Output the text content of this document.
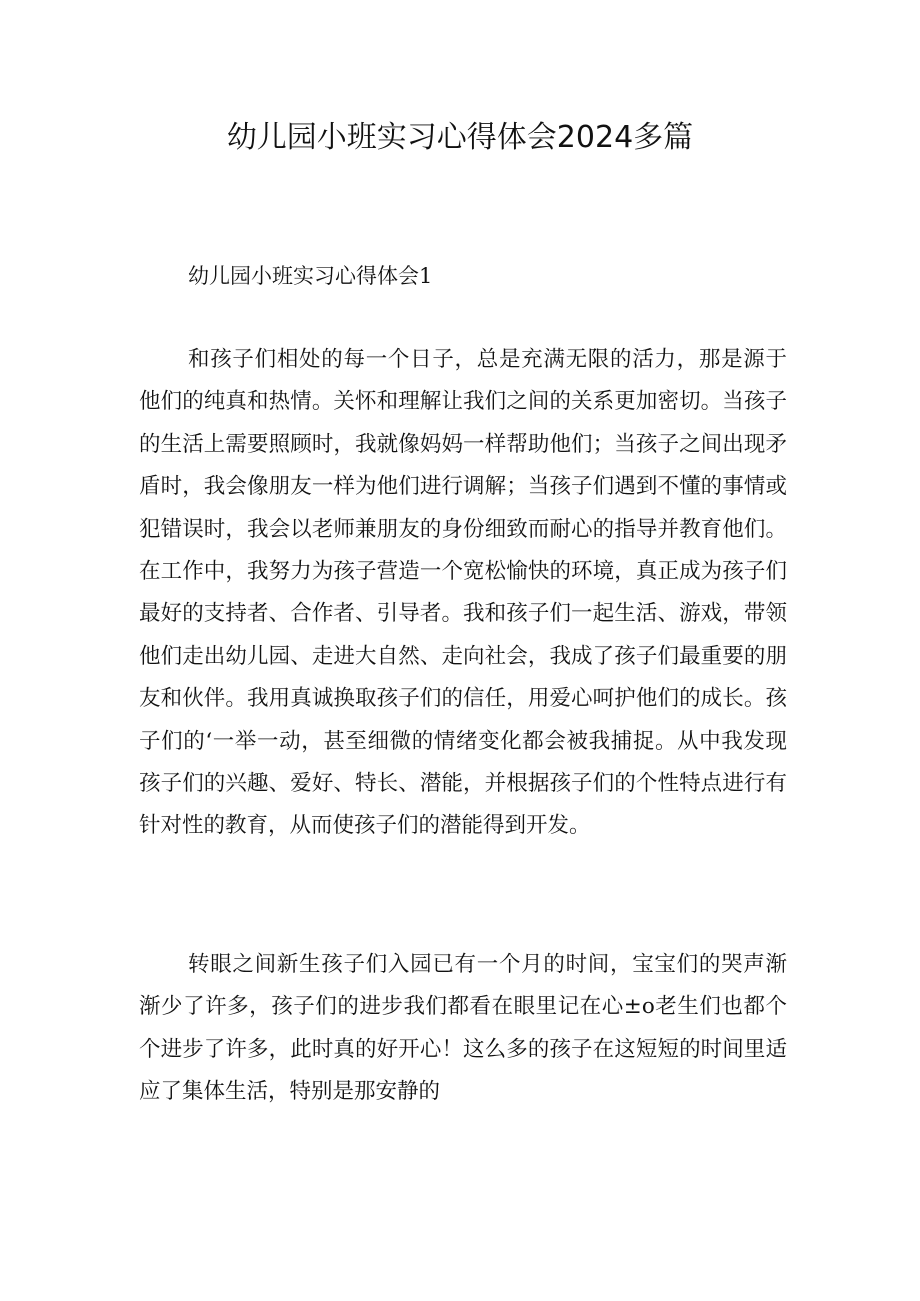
幼儿园小班实习心得体会2024多篇

幼儿园小班实习心得体会1

和孩子们相处的每一个日子，总是充满无限的活力，那是源于他们的纯真和热情。关怀和理解让我们之间的关系更加密切。当孩子的生活上需要照顾时，我就像妈妈一样帮助他们；当孩子之间出现矛盾时，我会像朋友一样为他们进行调解；当孩子们遇到不懂的事情或犯错误时，我会以老师兼朋友的身份细致而耐心的指导并教育他们。在工作中，我努力为孩子营造一个宽松愉快的环境，真正成为孩子们最好的支持者、合作者、引导者。我和孩子们一起生活、游戏，带领他们走出幼儿园、走进大自然、走向社会，我成了孩子们最重要的朋友和伙伴。我用真诚换取孩子们的信任，用爱心呵护他们的成长。孩子们的‘一举一动，甚至细微的情绪变化都会被我捕捉。从中我发现孩子们的兴趣、爱好、特长、潜能，并根据孩子们的个性特点进行有针对性的教育，从而使孩子们的潜能得到开发。

转眼之间新生孩子们入园已有一个月的时间，宝宝们的哭声渐渐少了许多，孩子们的进步我们都看在眼里记在心±o老生们也都个个进步了许多，此时真的好开心！这么多的孩子在这短短的时间里适应了集体生活，特别是那安静的
